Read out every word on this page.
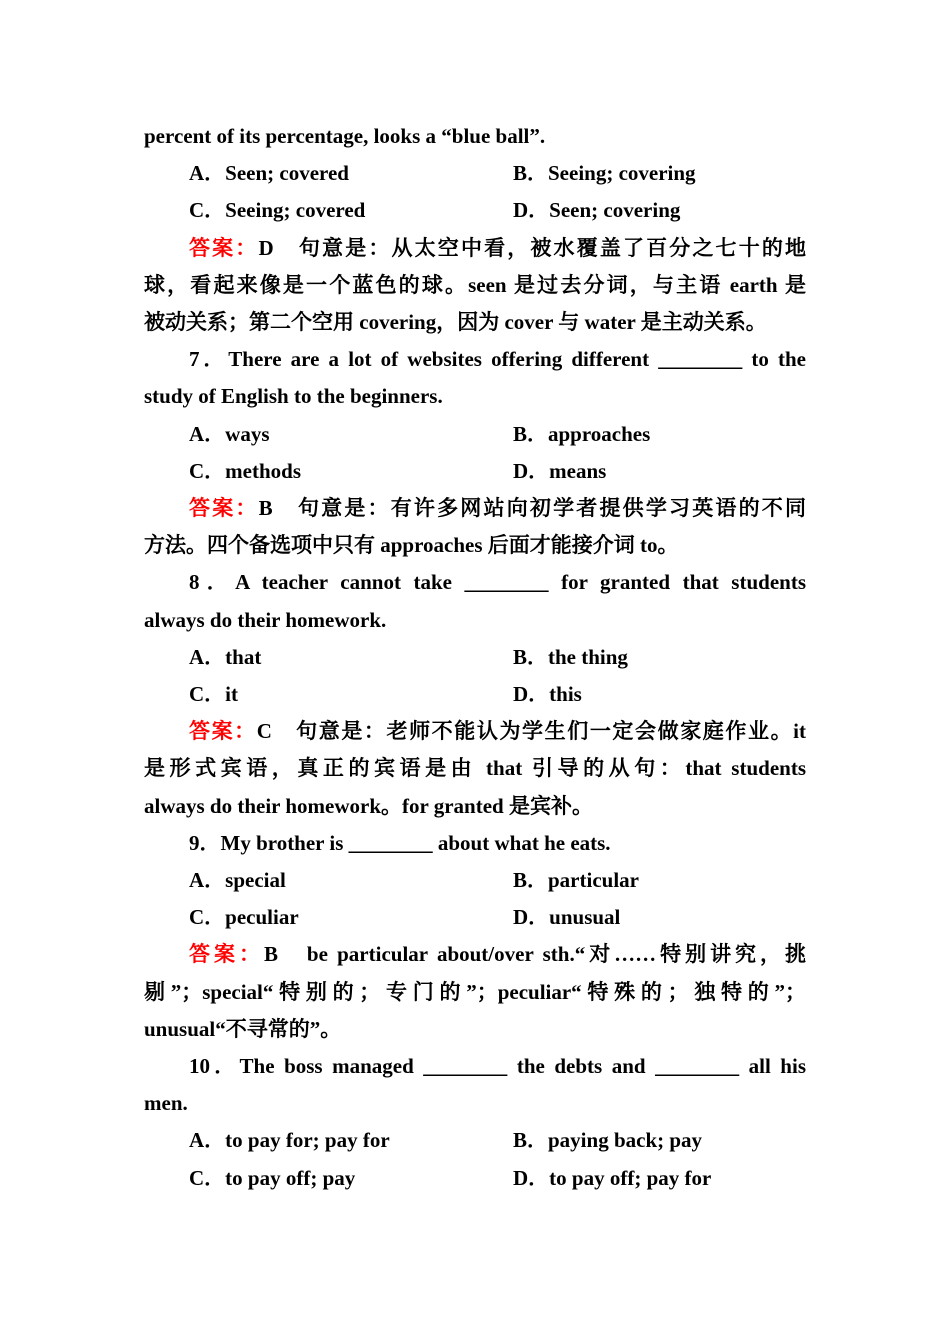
percent of its percentage, looks a “blue ball”.
A．Seen; covered	B．Seeing; covering
C．Seeing; covered	D．Seen; covering
答案：D　句意是：从太空中看，被水覆盖了百分之七十的地
球，看起来像是一个蓝色的球。seen 是过去分词，与主语 earth 是
被动关系；第二个空用 covering，因为 cover 与 water 是主动关系。
7．There are a lot of websites offering different ________ to the
study of English to the beginners.
A．ways	B．approaches
C．methods	D．means
答案：B　句意是：有许多网站向初学者提供学习英语的不同
方法。四个备选项中只有 approaches 后面才能接介词 to。
8．A teacher cannot take ________ for granted that students
always do their homework.
A．that	B．the thing
C．it	D．this
答案：C　句意是：老师不能认为学生们一定会做家庭作业。it
是形式宾语，真正的宾语是由 that 引导的从句：that students
always do their homework。for granted 是宾补。
9．My brother is ________ about what he eats.
A．special	B．particular
C．peculiar	D．unusual
答案：B　be particular about/over sth.“对……特别讲究，挑
剔”；special“特别的；专门的”；peculiar“特殊的；独特的”；
unusual“不寻常的”。
10．The boss managed ________ the debts and ________ all his
men.
A．to pay for; pay for	B．paying back; pay
C．to pay off; pay	D．to pay off; pay for
